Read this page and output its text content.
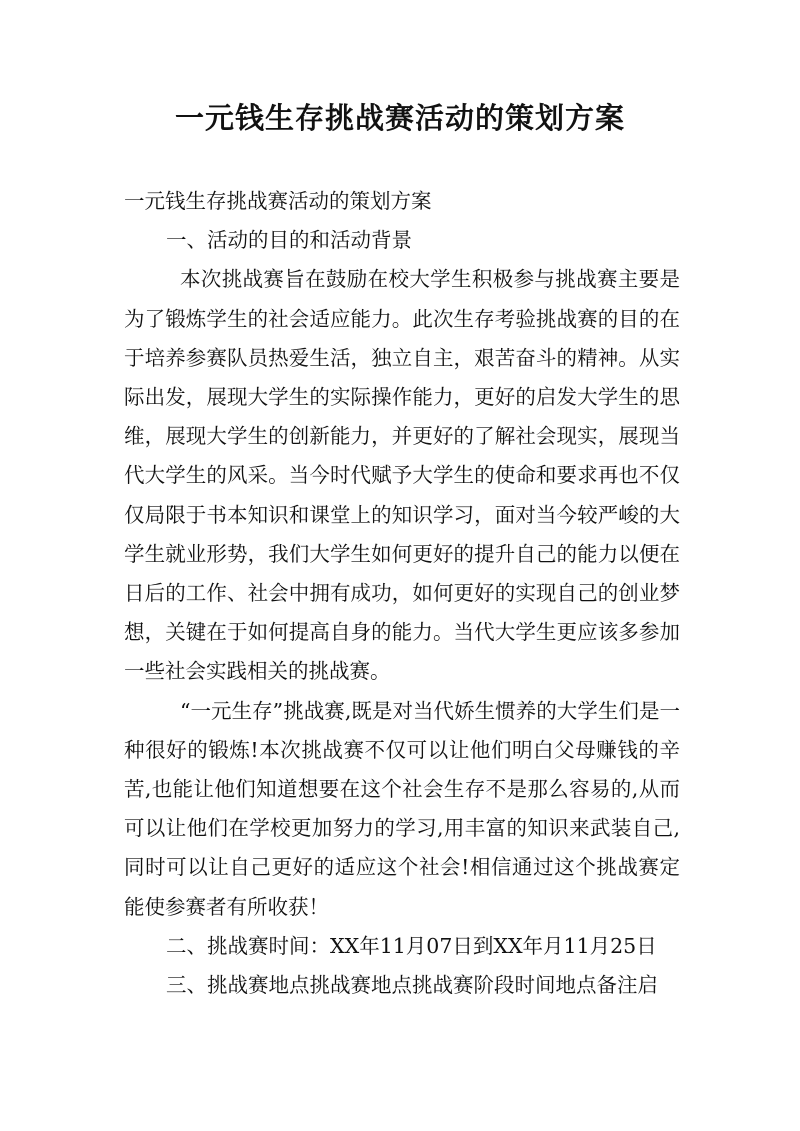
一元钱生存挑战赛活动的策划方案

一元钱生存挑战赛活动的策划方案

一、活动的目的和活动背景

本次挑战赛旨在鼓励在校大学生积极参与挑战赛主要是为了锻炼学生的社会适应能力。此次生存考验挑战赛的目的在于培养参赛队员热爱生活，独立自主，艰苦奋斗的精神。从实际出发，展现大学生的实际操作能力，更好的启发大学生的思维，展现大学生的创新能力，并更好的了解社会现实，展现当代大学生的风采。当今时代赋予大学生的使命和要求再也不仅仅局限于书本知识和课堂上的知识学习，面对当今较严峻的大学生就业形势，我们大学生如何更好的提升自己的能力以便在日后的工作、社会中拥有成功，如何更好的实现自己的创业梦想，关键在于如何提高自身的能力。当代大学生更应该多参加一些社会实践相关的挑战赛。

“一元生存”挑战赛,既是对当代娇生惯养的大学生们是一种很好的锻炼!本次挑战赛不仅可以让他们明白父母赚钱的辛苦,也能让他们知道想要在这个社会生存不是那么容易的,从而可以让他们在学校更加努力的学习,用丰富的知识来武装自己,同时可以让自己更好的适应这个社会!相信通过这个挑战赛定能使参赛者有所收获！

二、挑战赛时间：XX年11月07日到XX年月11月25日

三、挑战赛地点挑战赛地点挑战赛阶段时间地点备注启
